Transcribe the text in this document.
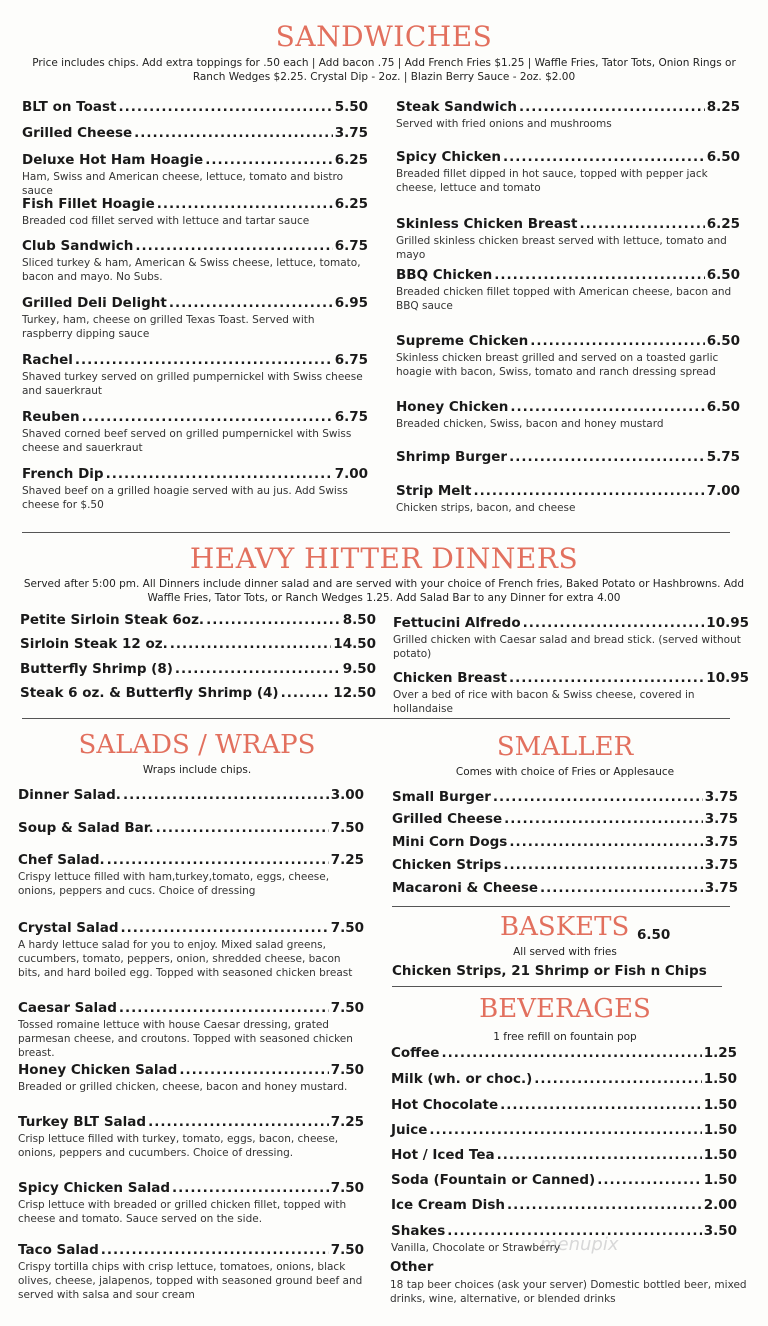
SANDWICHES
Price includes chips. Add extra toppings for .50 each | Add bacon .75 | Add French Fries $1.25 | Waffle Fries, Tator Tots, Onion Rings or Ranch Wedges $2.25. Crystal Dip - 2oz. | Blazin Berry Sauce - 2oz. $2.00
HEAVY HITTER DINNERS
Served after 5:00 pm. All Dinners include dinner salad and are served with your choice of French fries, Baked Potato or Hashbrowns. Add Waffle Fries, Tator Tots, or Ranch Wedges 1.25. Add Salad Bar to any Dinner for extra 4.00
SALADS / WRAPS
Wraps include chips.
SMALLER
Comes with choice of Fries or Applesauce
BASKETS 6.50
All served with fries
Chicken Strips, 21 Shrimp or Fish n Chips
BEVERAGES
1 free refill on fountain pop
Other
18 tap beer choices (ask your server) Domestic bottled beer, mixed drinks, wine, alternative, or blended drinks
menupix
BLT on Toast .....	5.50
Grilled Cheese .....	3.75
Deluxe Hot Ham Hoagie .....	6.25
Ham, Swiss and American cheese, lettuce, tomato and bistro sauce
Fish Fillet Hoagie .....	6.25
Breaded cod fillet served with lettuce and tartar sauce
Club Sandwich .....	6.75
Sliced turkey & ham, American & Swiss cheese, lettuce, tomato, bacon and mayo. No Subs.
Grilled Deli Delight .....	6.95
Turkey, ham, cheese on grilled Texas Toast. Served with raspberry dipping sauce
Rachel .....	6.75
Shaved turkey served on grilled pumpernickel with Swiss cheese and sauerkraut
Reuben .....	6.75
Shaved corned beef served on grilled pumpernickel with Swiss cheese and sauerkraut
French Dip .....	7.00
Shaved beef on a grilled hoagie served with au jus. Add Swiss cheese for $.50
Steak Sandwich .....	8.25
Served with fried onions and mushrooms
Spicy Chicken .....	6.50
Breaded fillet dipped in hot sauce, topped with pepper jack cheese, lettuce and tomato
Skinless Chicken Breast .....	6.25
Grilled skinless chicken breast served with lettuce, tomato and mayo
BBQ Chicken .....	6.50
Breaded chicken fillet topped with American cheese, bacon and BBQ sauce
Supreme Chicken .....	6.50
Skinless chicken breast grilled and served on a toasted garlic hoagie with bacon, Swiss, tomato and ranch dressing spread
Honey Chicken .....	6.50
Breaded chicken, Swiss, bacon and honey mustard
Shrimp Burger .....	5.75
Strip Melt .....	7.00
Chicken strips, bacon, and cheese
Petite Sirloin Steak 6oz. .....	8.50
Sirloin Steak 12 oz. .....	14.50
Butterfly Shrimp (8) .....	9.50
Steak 6 oz. & Butterfly Shrimp (4) .....	12.50
Fettucini Alfredo .....	10.95
Grilled chicken with Caesar salad and bread stick. (served without potato)
Chicken Breast .....	10.95
Over a bed of rice with bacon & Swiss cheese, covered in hollandaise
Dinner Salad. .....	3.00
Soup & Salad Bar. .....	7.50
Chef Salad. .....	7.25
Crispy lettuce filled with ham,turkey,tomato, eggs, cheese, onions, peppers and cucs. Choice of dressing
Crystal Salad .....	7.50
A hardy lettuce salad for you to enjoy. Mixed salad greens, cucumbers, tomato, peppers, onion, shredded cheese, bacon bits, and hard boiled egg. Topped with seasoned chicken breast
Caesar Salad .....	7.50
Tossed romaine lettuce with house Caesar dressing, grated parmesan cheese, and croutons. Topped with seasoned chicken breast.
Honey Chicken Salad .....	7.50
Breaded or grilled chicken, cheese, bacon and honey mustard.
Turkey BLT Salad .....	7.25
Crisp lettuce filled with turkey, tomato, eggs, bacon, cheese, onions, peppers and cucumbers. Choice of dressing.
Spicy Chicken Salad .....	7.50
Crisp lettuce with breaded or grilled chicken fillet, topped with cheese and tomato. Sauce served on the side.
Taco Salad .....	7.50
Crispy tortilla chips with crisp lettuce, tomatoes, onions, black olives, cheese, jalapenos, topped with seasoned ground beef and served with salsa and sour cream
Small Burger .....	3.75
Grilled Cheese .....	3.75
Mini Corn Dogs .....	3.75
Chicken Strips .....	3.75
Macaroni & Cheese .....	3.75
Coffee .....	1.25
Milk (wh. or choc.) .....	1.50
Hot Chocolate .....	1.50
Juice .....	1.50
Hot / Iced Tea .....	1.50
Soda (Fountain or Canned) .....	1.50
Ice Cream Dish .....	2.00
Shakes .....	3.50
Vanilla, Chocolate or Strawberry
